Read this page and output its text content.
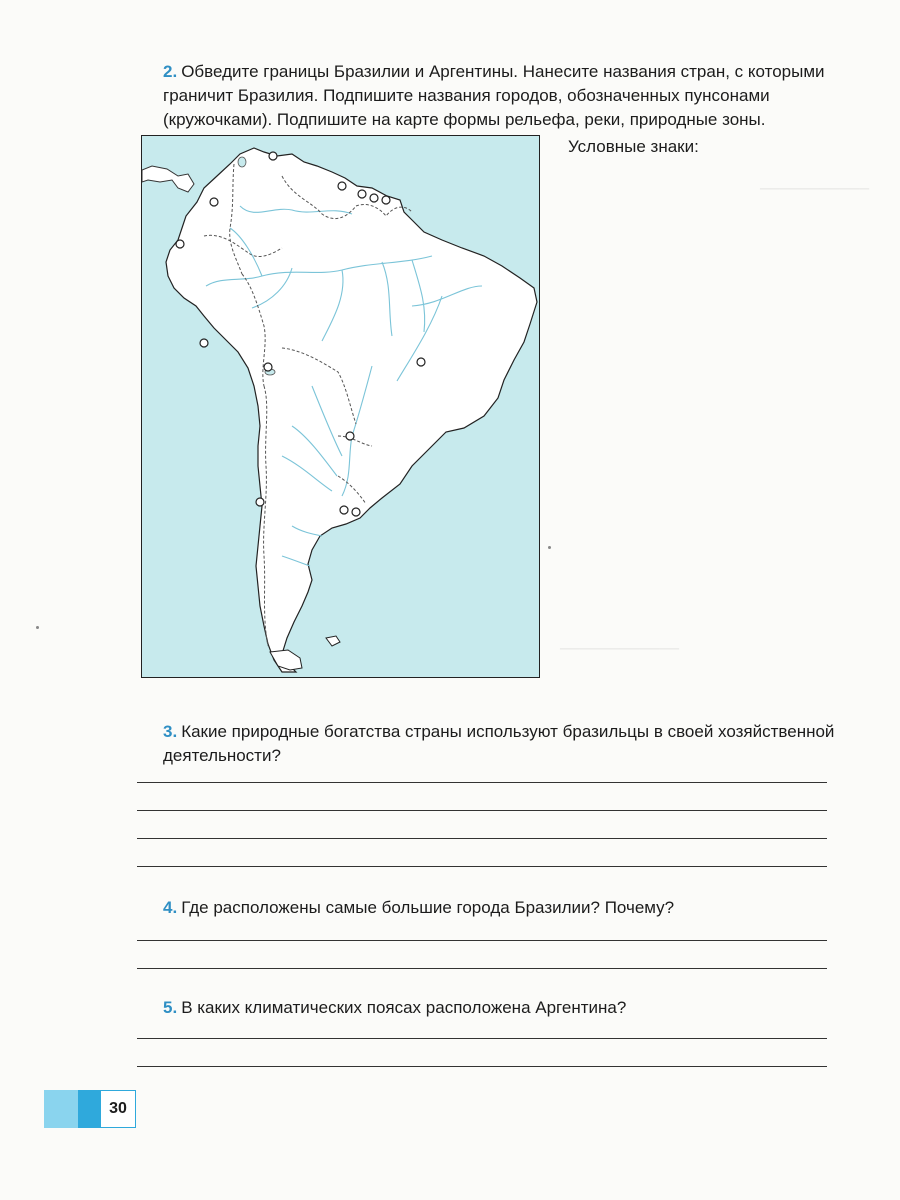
───────────
────────────
2. Обведите границы Бразилии и Аргентины. Нанесите названия стран, с которыми граничит Бразилия. Подпишите названия городов, обозначенных пунсонами (кружочками). Подпишите на карте формы рельефа, реки, природные зоны.
Условные знаки:
3. Какие природные богатства страны используют бразильцы в своей хозяйственной деятельности?
4. Где расположены самые большие города Бразилии? Почему?
5. В каких климатических поясах расположена Аргентина?
30
